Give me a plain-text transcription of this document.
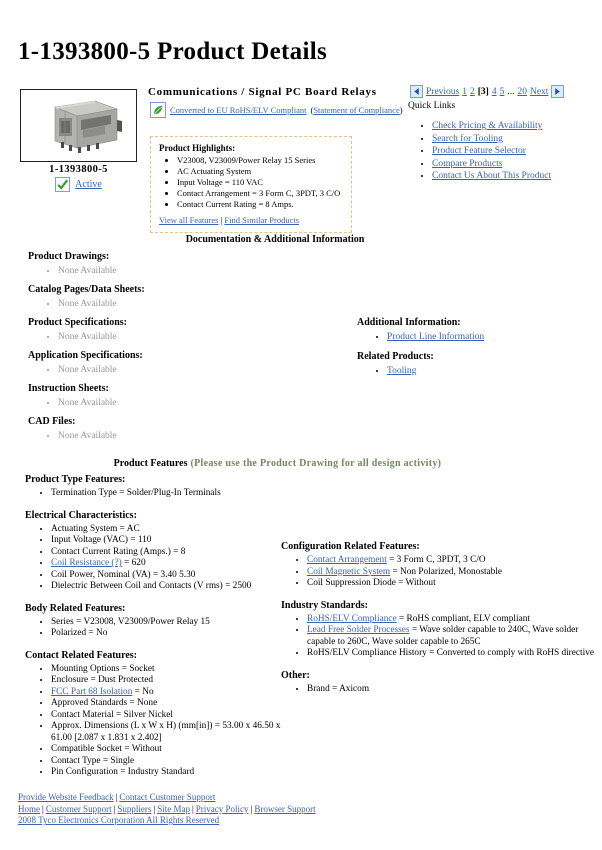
1-1393800-5 Product Details
1-1393800-5
Active
Communications / Signal PC Board Relays
Converted to EU RoHS/ELV Compliant (Statement of Compliance)
Product Highlights:
• V23008, V23009/Power Relay 15 Series
• AC Actuating System
• Input Voltage = 110 VAC
• Contact Arrangement = 3 Form C, 3PDT, 3 C/O
• Contact Current Rating = 8 Amps.
View all Features | Find Similar Products
Previous 1 2 [3] 4 5 ... 20 Next
Quick Links
• Check Pricing & Availability
• Search for Tooling
• Product Feature Selector
• Compare Products
• Contact Us About This Product
Documentation & Additional Information
Product Drawings:
• None Available
Catalog Pages/Data Sheets:
• None Available
Product Specifications:
• None Available
Application Specifications:
• None Available
Instruction Sheets:
• None Available
CAD Files:
• None Available
Additional Information:
• Product Line Information
Related Products:
• Tooling
Product Features (Please use the Product Drawing for all design activity)
Product Type Features:
• Termination Type = Solder/Plug-In Terminals
Electrical Characteristics:
• Actuating System = AC
• Input Voltage (VAC) = 110
• Contact Current Rating (Amps.) = 8
• Coil Resistance (?) = 620
• Coil Power, Nominal (VA) = 3.40 5.30
• Dielectric Between Coil and Contacts (V rms) = 2500
Body Related Features:
• Series = V23008, V23009/Power Relay 15
• Polarized = No
Contact Related Features:
• Mounting Options = Socket
• Enclosure = Dust Protected
• FCC Part 68 Isolation = No
• Approved Standards = None
• Contact Material = Silver Nickel
• Approx. Dimensions (L x W x H) (mm[in]) = 53.00 x 46.50 x 61.00 [2.087 x 1.831 x 2.402]
• Compatible Socket = Without
• Contact Type = Single
• Pin Configuration = Industry Standard
Configuration Related Features:
• Contact Arrangement = 3 Form C, 3PDT, 3 C/O
• Coil Magnetic System = Non Polarized, Monostable
• Coil Suppression Diode = Without
Industry Standards:
• RoHS/ELV Compliance = RoHS compliant, ELV compliant
• Lead Free Solder Processes = Wave solder capable to 240C, Wave solder capable to 260C, Wave solder capable to 265C
• RoHS/ELV Compliance History = Converted to comply with RoHS directive
Other:
• Brand = Axicom
Provide Website Feedback | Contact Customer Support
Home | Customer Support | Suppliers | Site Map | Privacy Policy | Browser Support
2008 Tyco Electronics Corporation All Rights Reserved
